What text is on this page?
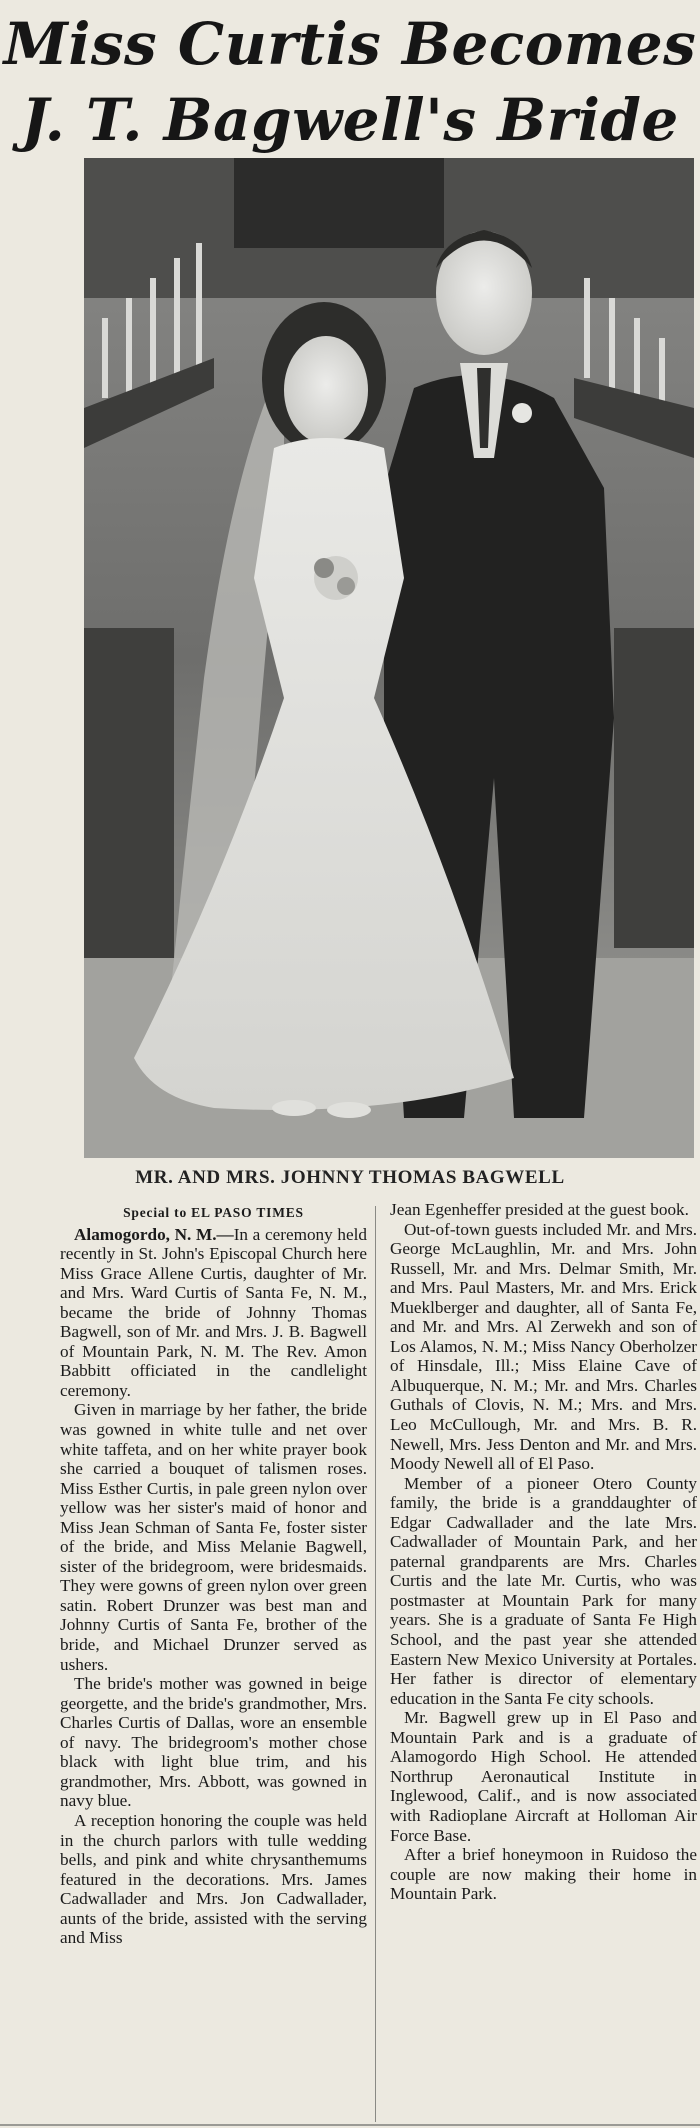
Miss Curtis Becomes
J. T. Bagwell's Bride
MR. AND MRS. JOHNNY THOMAS BAGWELL
Special to EL PASO TIMES

Alamogordo, N. M.—In a ceremony held recently in St. John's Episcopal Church here Miss Grace Allene Curtis, daughter of Mr. and Mrs. Ward Curtis of Santa Fe, N. M., became the bride of Johnny Thomas Bagwell, son of Mr. and Mrs. J. B. Bagwell of Mountain Park, N. M. The Rev. Amon Babbitt officiated in the candlelight ceremony.

Given in marriage by her father, the bride was gowned in white tulle and net over white taffeta, and on her white prayer book she carried a bouquet of talismen roses. Miss Esther Curtis, in pale green nylon over yellow was her sister's maid of honor and Miss Jean Schman of Santa Fe, foster sister of the bride, and Miss Melanie Bagwell, sister of the bridegroom, were bridesmaids. They were gowns of green nylon over green satin. Robert Drunzer was best man and Johnny Curtis of Santa Fe, brother of the bride, and Michael Drunzer served as ushers.

The bride's mother was gowned in beige georgette, and the bride's grandmother, Mrs. Charles Curtis of Dallas, wore an ensemble of navy. The bridegroom's mother chose black with light blue trim, and his grandmother, Mrs. Abbott, was gowned in navy blue.

A reception honoring the couple was held in the church parlors with tulle wedding bells, and pink and white chrysanthemums featured in the decorations. Mrs. James Cadwallader and Mrs. Jon Cadwallader, aunts of the bride, assisted with the serving and Miss

Jean Egenheffer presided at the guest book.

Out-of-town guests included Mr. and Mrs. George McLaughlin, Mr. and Mrs. John Russell, Mr. and Mrs. Delmar Smith, Mr. and Mrs. Paul Masters, Mr. and Mrs. Erick Mueklberger and daughter, all of Santa Fe, and Mr. and Mrs. Al Zerwekh and son of Los Alamos, N. M.; Miss Nancy Oberholzer of Hinsdale, Ill.; Miss Elaine Cave of Albuquerque, N. M.; Mr. and Mrs. Charles Guthals of Clovis, N. M.; Mrs. and Mrs. Leo McCullough, Mr. and Mrs. B. R. Newell, Mrs. Jess Denton and Mr. and Mrs. Moody Newell all of El Paso.

Member of a pioneer Otero County family, the bride is a granddaughter of Edgar Cadwallader and the late Mrs. Cadwallader of Mountain Park, and her paternal grandparents are Mrs. Charles Curtis and the late Mr. Curtis, who was postmaster at Mountain Park for many years. She is a graduate of Santa Fe High School, and the past year she attended Eastern New Mexico University at Portales. Her father is director of elementary education in the Santa Fe city schools.

Mr. Bagwell grew up in El Paso and Mountain Park and is a graduate of Alamogordo High School. He attended Northrup Aeronautical Institute in Inglewood, Calif., and is now associated with Radioplane Aircraft at Holloman Air Force Base.

After a brief honeymoon in Ruidoso the couple are now making their home in Mountain Park.
